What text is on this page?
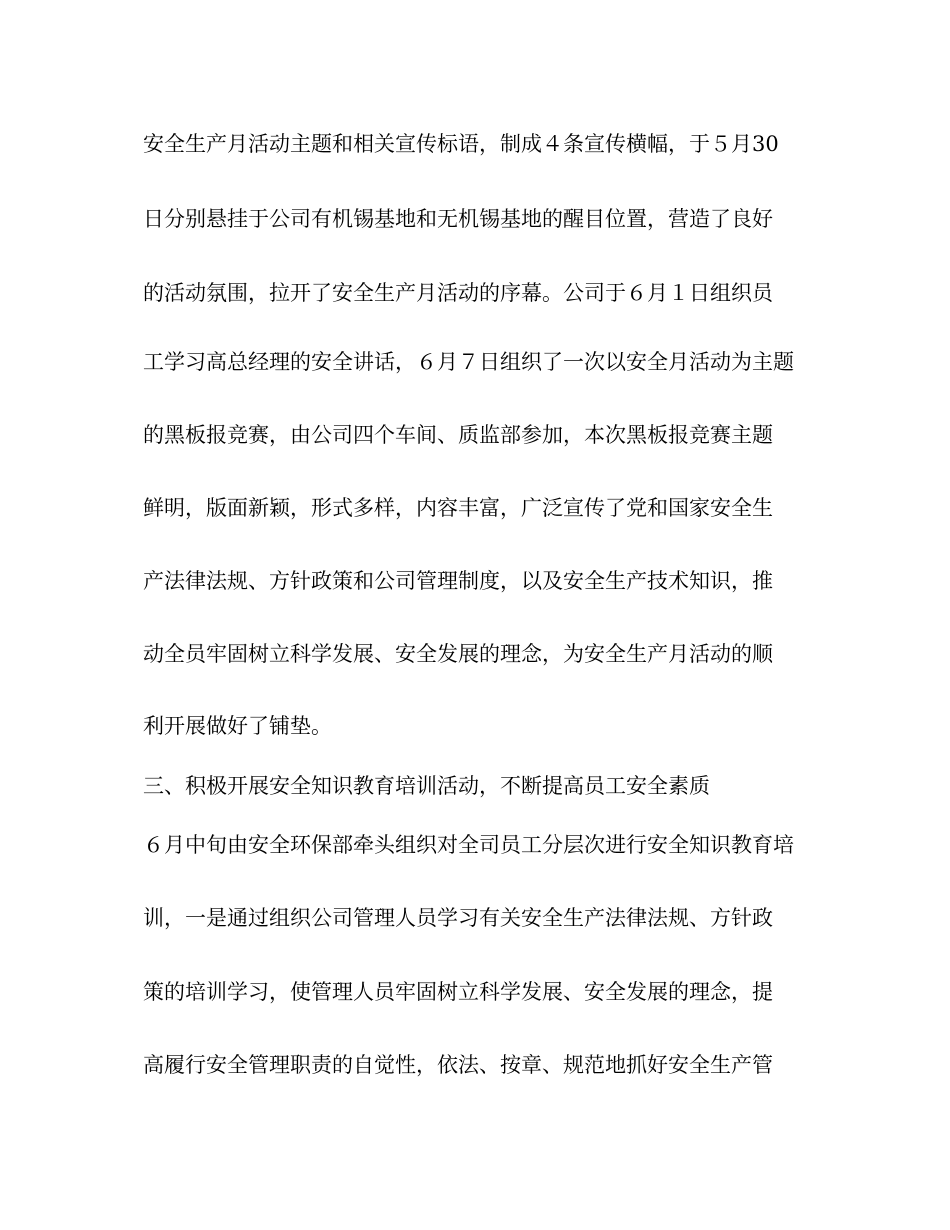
安全生产月活动主题和相关宣传标语，制成４条宣传横幅，于５月30
日分别悬挂于公司有机锡基地和无机锡基地的醒目位置，营造了良好
的活动氛围，拉开了安全生产月活动的序幕。公司于６月１日组织员
工学习高总经理的安全讲话，６月７日组织了一次以安全月活动为主题
的黑板报竞赛，由公司四个车间、质监部参加，本次黑板报竞赛主题
鲜明，版面新颖，形式多样，内容丰富，广泛宣传了党和国家安全生
产法律法规、方针政策和公司管理制度，以及安全生产技术知识，推
动全员牢固树立科学发展、安全发展的理念，为安全生产月活动的顺
利开展做好了铺垫。
三、积极开展安全知识教育培训活动，不断提高员工安全素质
６月中旬由安全环保部牵头组织对全司员工分层次进行安全知识教育培
训，一是通过组织公司管理人员学习有关安全生产法律法规、方针政
策的培训学习，使管理人员牢固树立科学发展、安全发展的理念，提
高履行安全管理职责的自觉性，依法、按章、规范地抓好安全生产管
